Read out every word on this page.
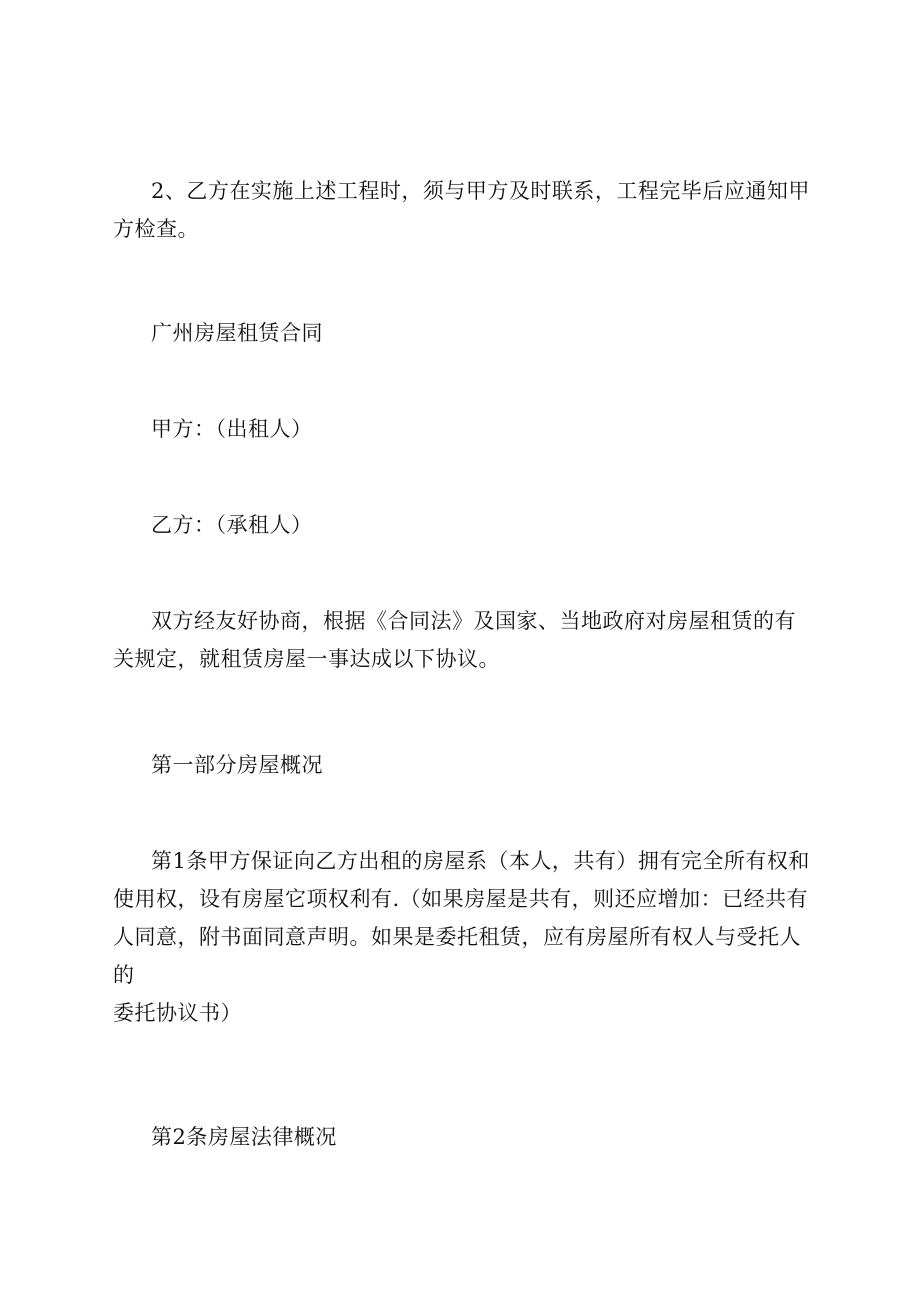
2、乙方在实施上述工程时，须与甲方及时联系，工程完毕后应通知甲
方检查。

广州房屋租赁合同

甲方：（出租人）

乙方：（承租人）

双方经友好协商，根据《合同法》及国家、当地政府对房屋租赁的有
关规定，就租赁房屋一事达成以下协议。

第一部分房屋概况

第1条甲方保证向乙方出租的房屋系（本人，共有）拥有完全所有权和
使用权，设有房屋它项权利有.（如果房屋是共有，则还应增加：已经共有
人同意，附书面同意声明。如果是委托租赁，应有房屋所有权人与受托人的
委托协议书）

第2条房屋法律概况
